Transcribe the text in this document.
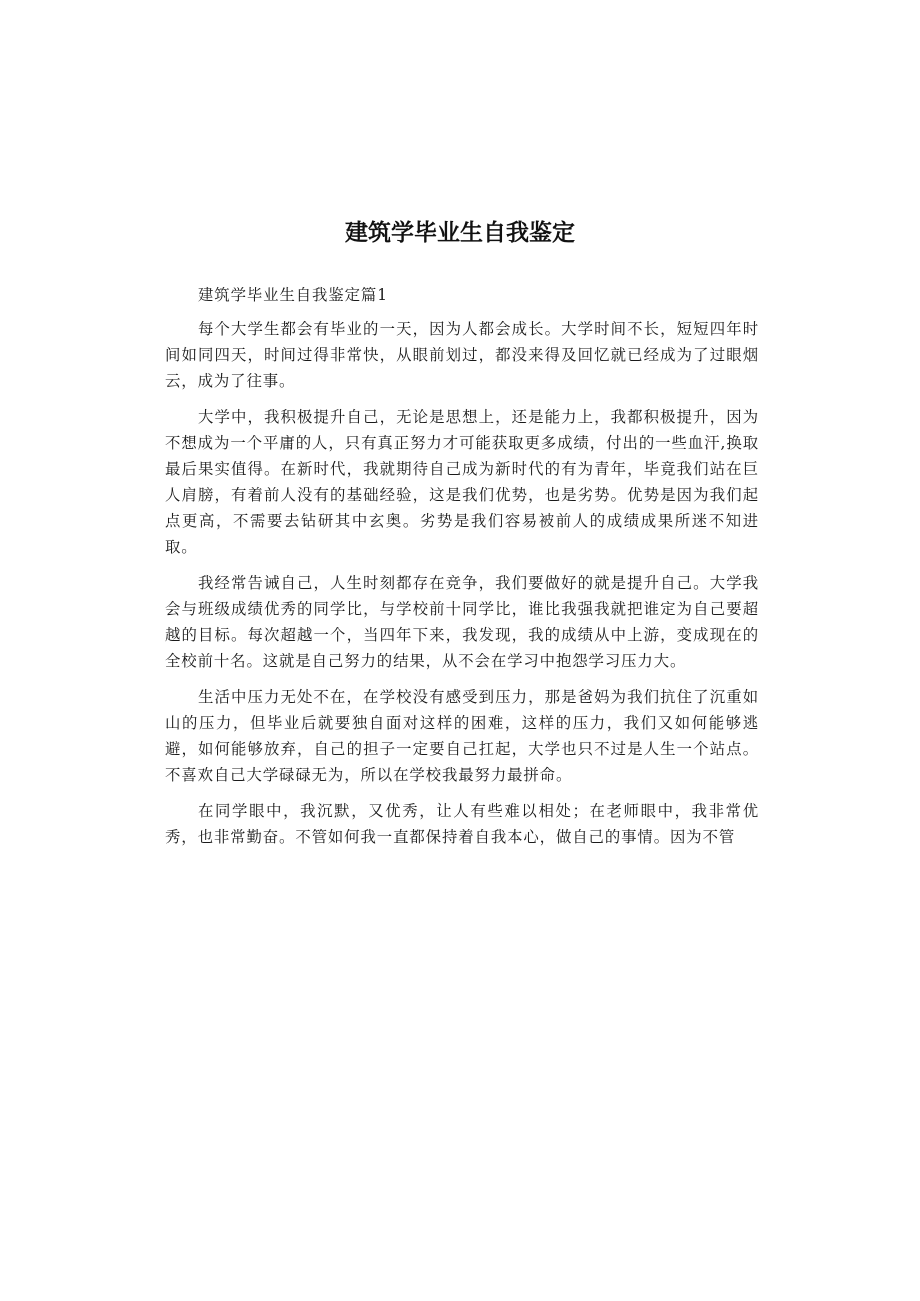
建筑学毕业生自我鉴定

建筑学毕业生自我鉴定篇1

每个大学生都会有毕业的一天，因为人都会成长。大学时间不长，短短四年时间如同四天，时间过得非常快，从眼前划过，都没来得及回忆就已经成为了过眼烟云，成为了往事。

大学中，我积极提升自己，无论是思想上，还是能力上，我都积极提升，因为不想成为一个平庸的人，只有真正努力才可能获取更多成绩，付出的一些血汗,换取最后果实值得。在新时代，我就期待自己成为新时代的有为青年，毕竟我们站在巨人肩膀，有着前人没有的基础经验，这是我们优势，也是劣势。优势是因为我们起点更高，不需要去钻研其中玄奥。劣势是我们容易被前人的成绩成果所迷不知进取。

我经常告诫自己，人生时刻都存在竞争，我们要做好的就是提升自己。大学我会与班级成绩优秀的同学比，与学校前十同学比，谁比我强我就把谁定为自己要超越的目标。每次超越一个，当四年下来，我发现，我的成绩从中上游，变成现在的全校前十名。这就是自己努力的结果，从不会在学习中抱怨学习压力大。

生活中压力无处不在，在学校没有感受到压力，那是爸妈为我们抗住了沉重如山的压力，但毕业后就要独自面对这样的困难，这样的压力，我们又如何能够逃避，如何能够放弃，自己的担子一定要自己扛起，大学也只不过是人生一个站点。不喜欢自己大学碌碌无为，所以在学校我最努力最拼命。

在同学眼中，我沉默，又优秀，让人有些难以相处；在老师眼中，我非常优秀，也非常勤奋。不管如何我一直都保持着自我本心，做自己的事情。因为不管
